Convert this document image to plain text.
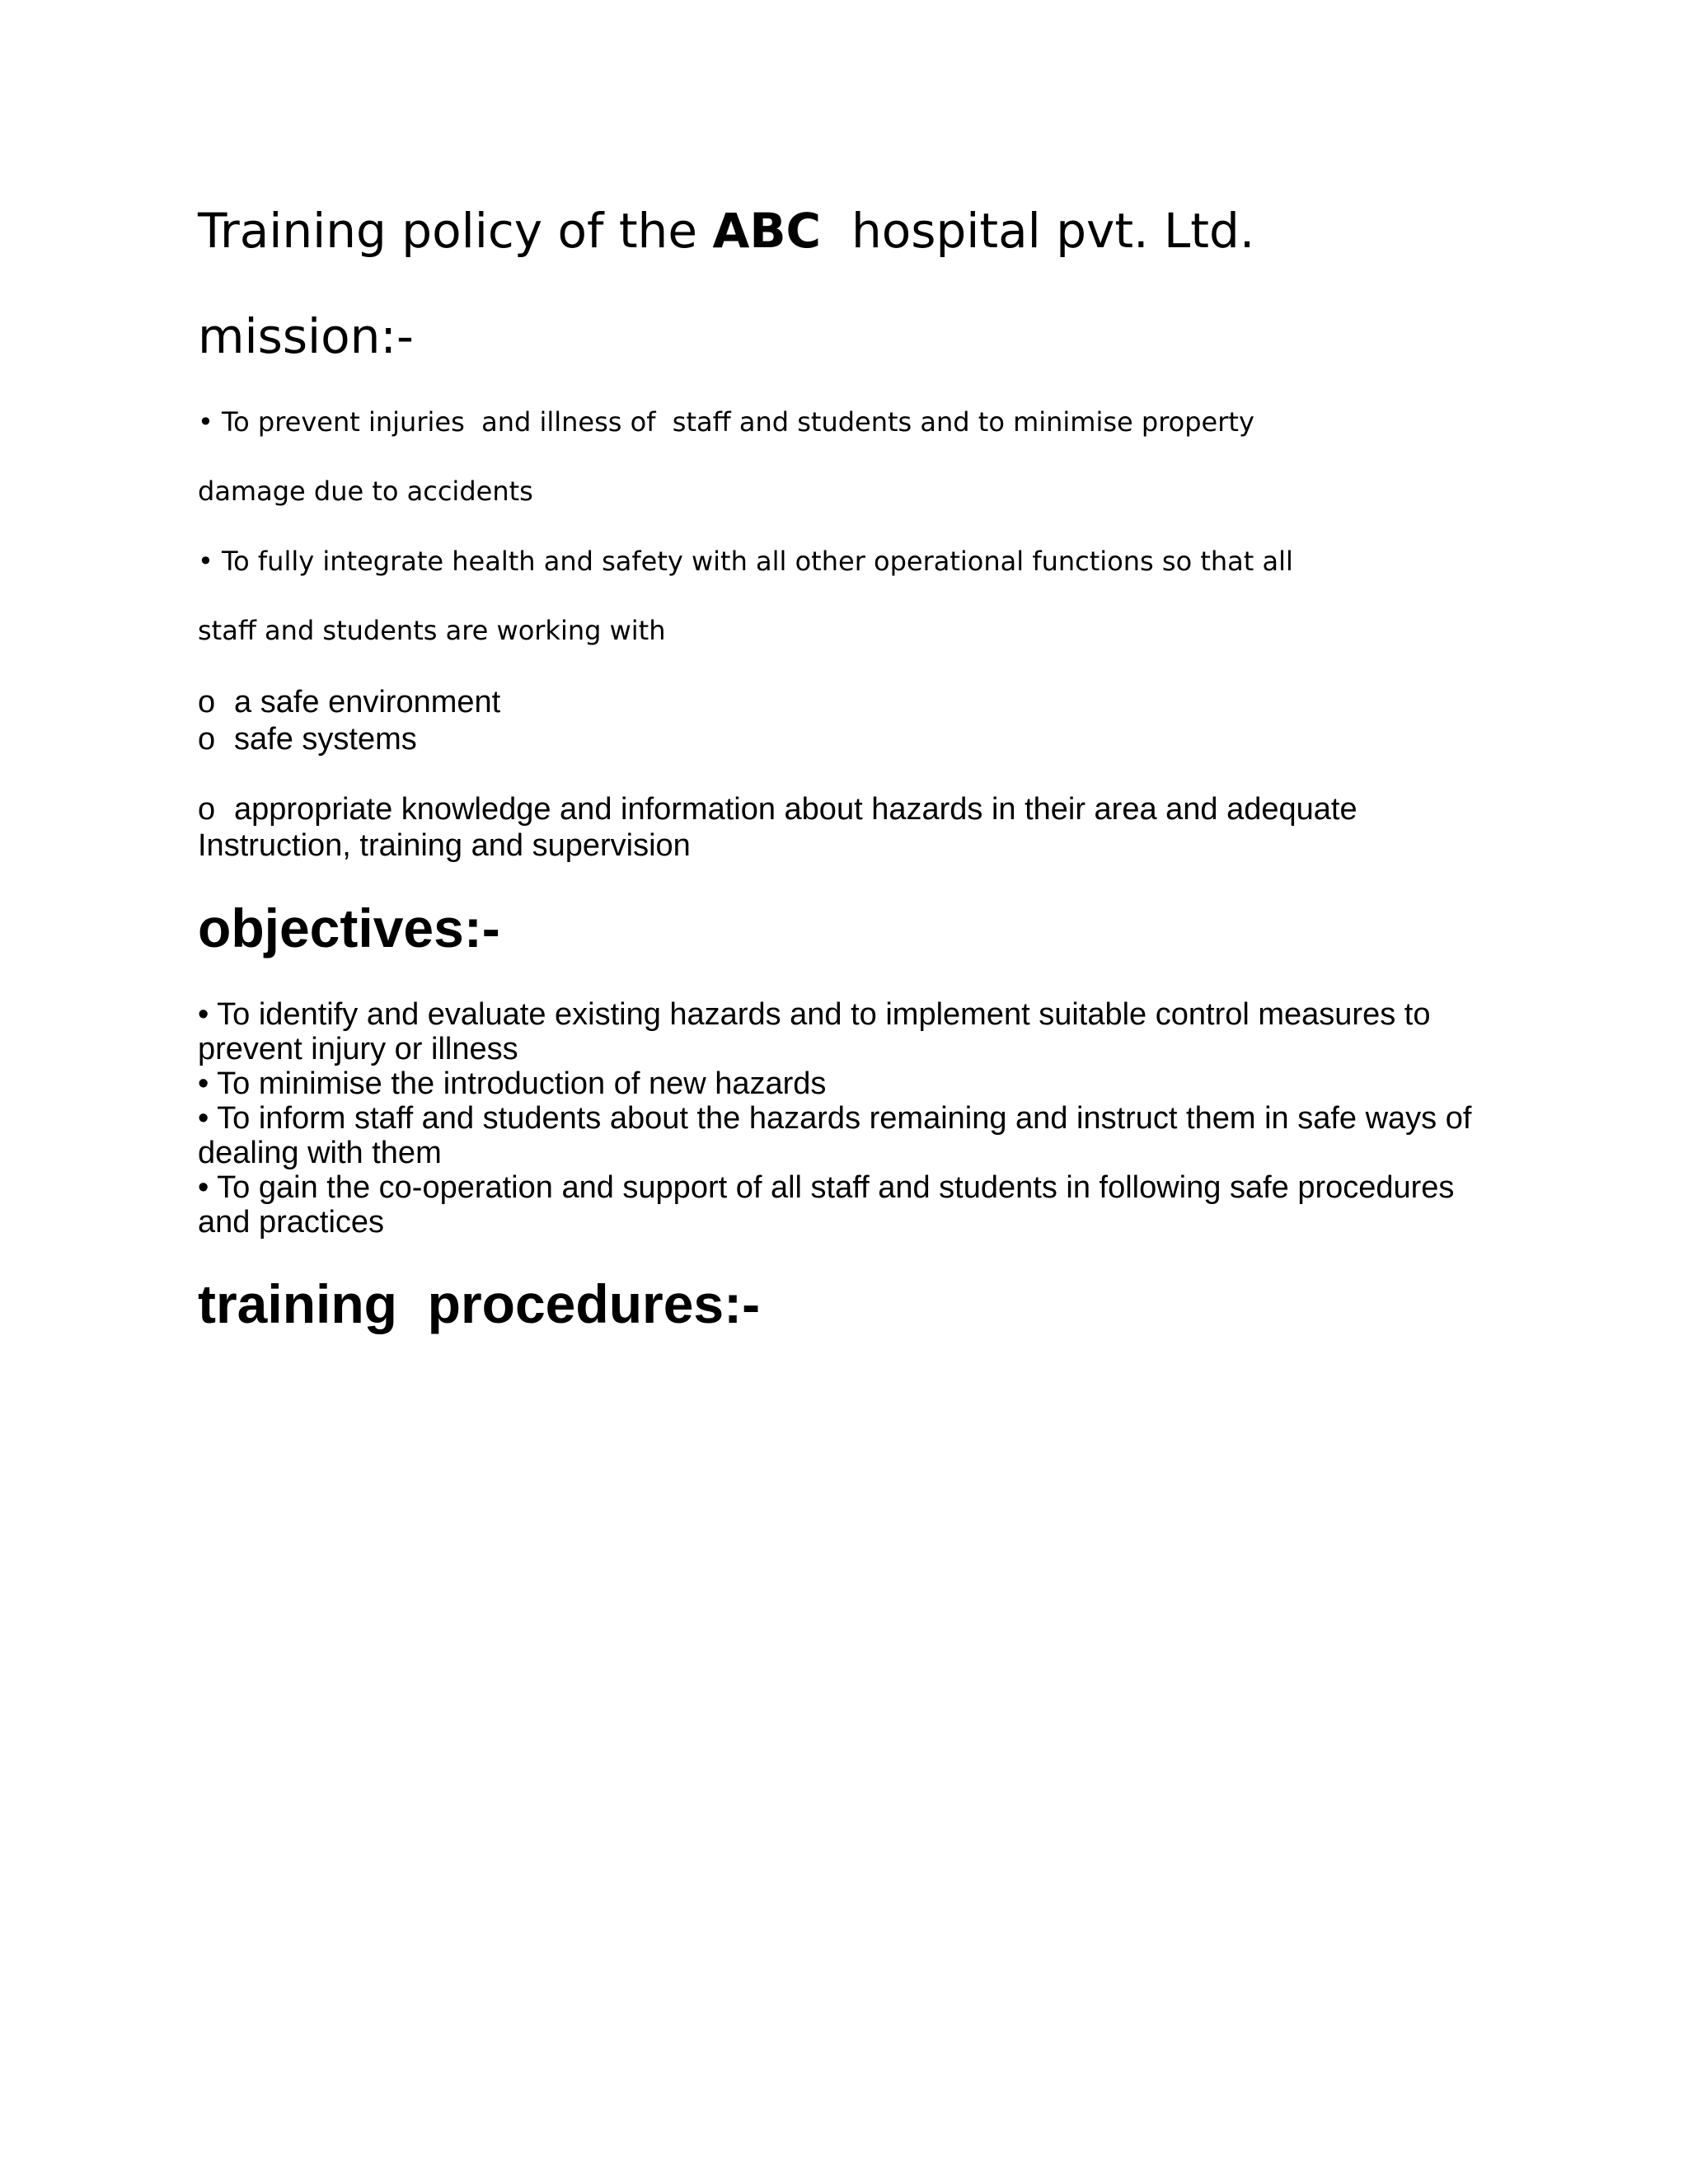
Training policy of the ABC  hospital pvt. Ltd.
mission:-

• To prevent injuries  and illness of  staff and students and to minimise property

damage due to accidents

• To fully integrate health and safety with all other operational functions so that all

staff and students are working with

o a safe environment

o safe systems

o appropriate knowledge and information about hazards in their area and adequate

Instruction, training and supervision

objectives:-

• To identify and evaluate existing hazards and to implement suitable control measures to

prevent injury or illness

• To minimise the introduction of new hazards

• To inform staff and students about the hazards remaining and instruct them in safe ways of

dealing with them

• To gain the co-operation and support of all staff and students in following safe procedures

and practices

training  procedures:-
